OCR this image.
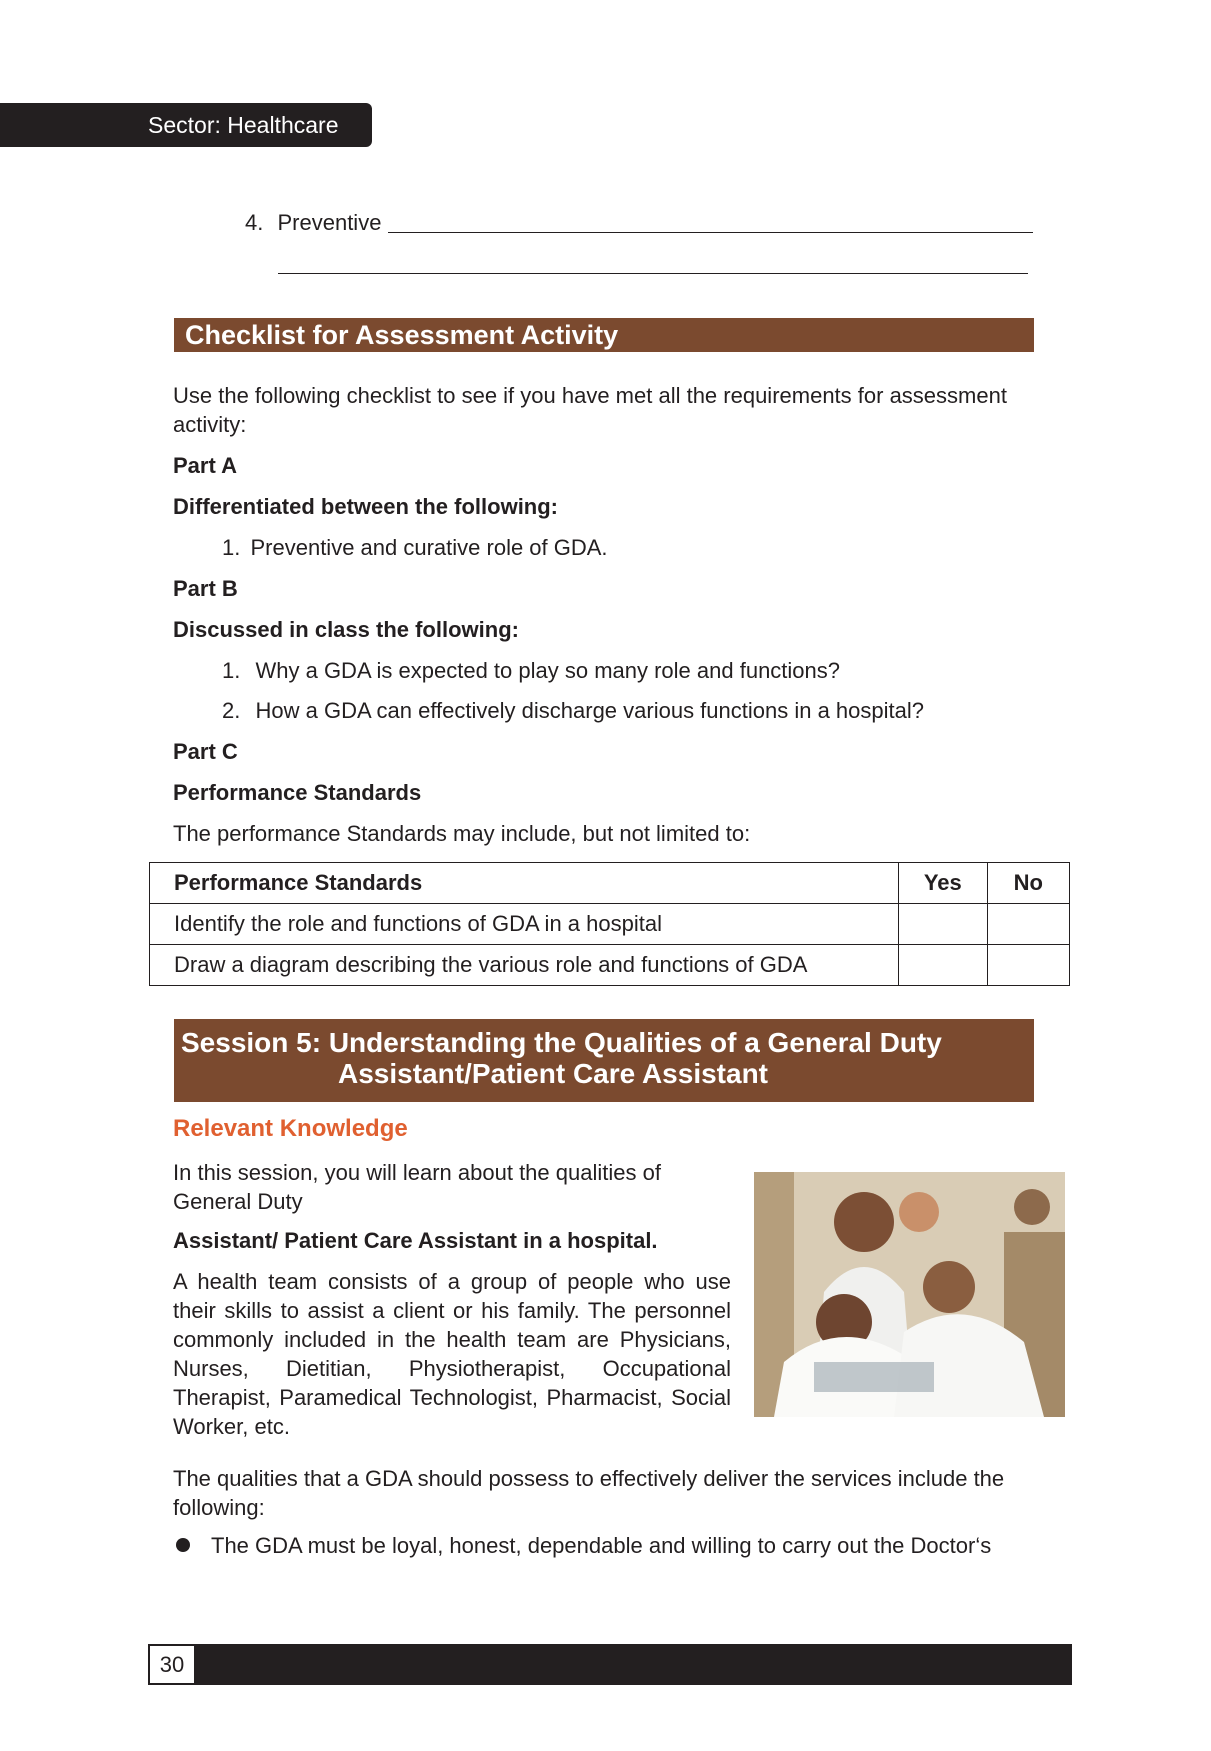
Sector: Healthcare
4. Preventive
Checklist for Assessment Activity
Use the following checklist to see if you have met all the requirements for assessment activity:
Part A
Differentiated between the following:
1. Preventive and curative role of GDA.
Part B
Discussed in class the following:
1. Why a GDA is expected to play so many role and functions?
2. How a GDA can effectively discharge various functions in a hospital?
Part C
Performance Standards
The performance Standards may include, but not limited to:
Performance Standards	Yes	No
Identify the role and functions of GDA in a hospital		
Draw a diagram describing the various role and functions of GDA		
Session 5: Understanding the Qualities of a General Duty
Assistant/Patient Care Assistant
Relevant Knowledge
In this session, you will learn about the qualities of General Duty
Assistant/ Patient Care Assistant in a hospital.
A health team consists of a group of people who use their skills to assist a client or his family. The personnel commonly included in the health team are Physicians, Nurses, Dietitian, Physiotherapist, Occupational Therapist, Paramedical Technologist, Pharmacist, Social Worker, etc.
The qualities that a GDA should possess to effectively deliver the services include the following:
The GDA must be loyal, honest, dependable and willing to carry out the Doctor‘s
30
